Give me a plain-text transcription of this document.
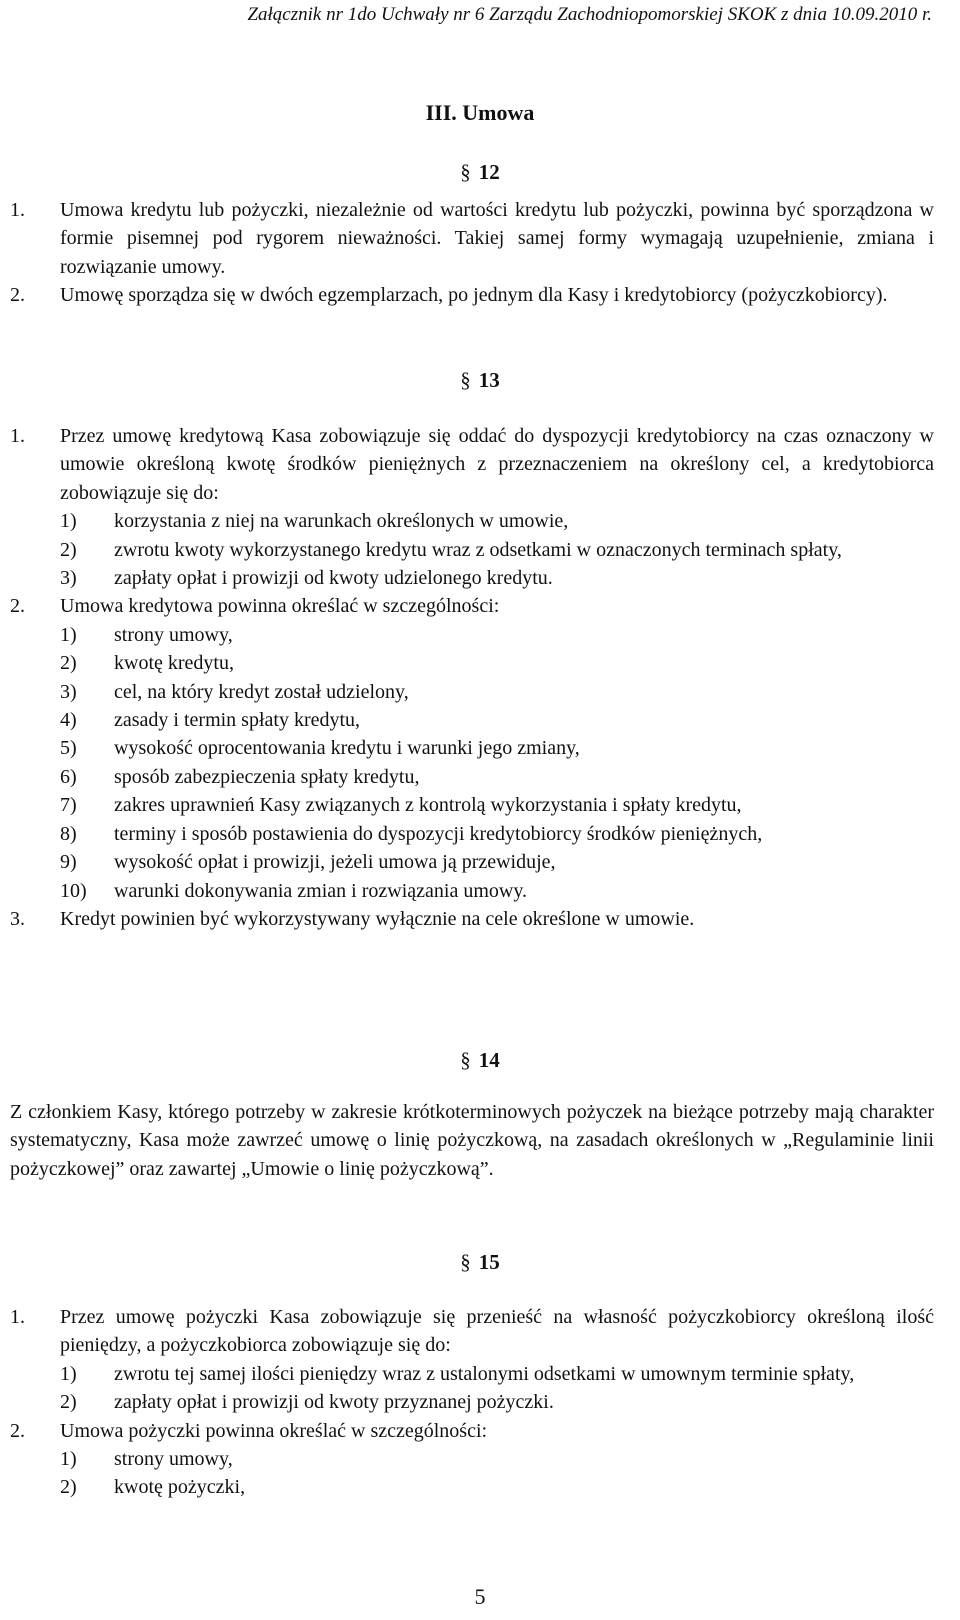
Załącznik nr 1do Uchwały nr 6 Zarządu Zachodniopomorskiej SKOK z dnia 10.09.2010 r.
III. Umowa
§ 12
1. Umowa kredytu lub pożyczki, niezależnie od wartości kredytu lub pożyczki, powinna być sporządzona w formie pisemnej pod rygorem nieważności. Takiej samej formy wymagają uzupełnienie, zmiana i rozwiązanie umowy.
2. Umowę sporządza się w dwóch egzemplarzach, po jednym dla Kasy i kredytobiorcy (pożyczkobiorcy).
§ 13
1. Przez umowę kredytową Kasa zobowiązuje się oddać do dyspozycji kredytobiorcy na czas oznaczony w umowie określoną kwotę środków pieniężnych z przeznaczeniem na określony cel, a kredytobiorca zobowiązuje się do:
1) korzystania z niej na warunkach określonych w umowie,
2) zwrotu kwoty wykorzystanego kredytu wraz z odsetkami w oznaczonych terminach spłaty,
3) zapłaty opłat i prowizji od kwoty udzielonego kredytu.
2. Umowa kredytowa powinna określać w szczególności:
1) strony umowy,
2) kwotę kredytu,
3) cel, na który kredyt został udzielony,
4) zasady i termin spłaty kredytu,
5) wysokość oprocentowania kredytu i warunki jego zmiany,
6) sposób zabezpieczenia spłaty kredytu,
7) zakres uprawnień Kasy związanych z kontrolą wykorzystania i spłaty kredytu,
8) terminy i sposób postawienia do dyspozycji kredytobiorcy środków pieniężnych,
9) wysokość opłat i prowizji, jeżeli umowa ją przewiduje,
10) warunki dokonywania zmian i rozwiązania umowy.
3. Kredyt powinien być wykorzystywany wyłącznie na cele określone w umowie.
§ 14
Z członkiem Kasy, którego potrzeby w zakresie krótkoterminowych pożyczek na bieżące potrzeby mają charakter systematyczny, Kasa może zawrzeć umowę o linię pożyczkową, na zasadach określonych w „Regulaminie linii pożyczkowej” oraz zawartej „Umowie o linię pożyczkową”.
§ 15
1. Przez umowę pożyczki Kasa zobowiązuje się przenieść na własność pożyczkobiorcy określoną ilość pieniędzy, a pożyczkobiorca zobowiązuje się do:
1) zwrotu tej samej ilości pieniędzy wraz z ustalonymi odsetkami w umownym terminie spłaty,
2) zapłaty opłat i prowizji od kwoty przyznanej pożyczki.
2. Umowa pożyczki powinna określać w szczególności:
1) strony umowy,
2) kwotę pożyczki,
5
